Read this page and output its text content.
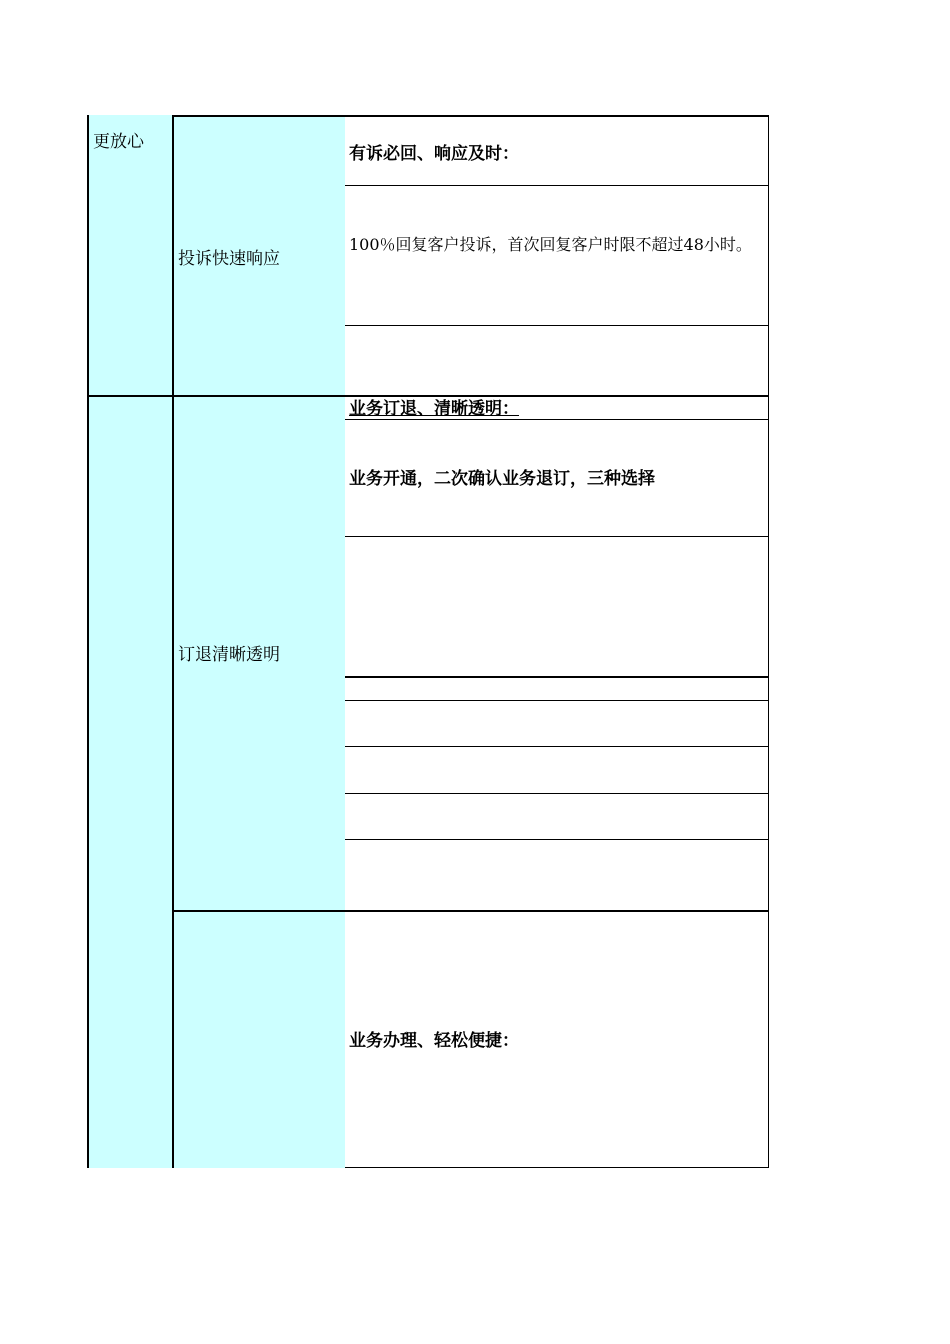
更放心
投诉快速响应
订退清晰透明
有诉必回、响应及时：
100％回复客户投诉，首次回复客户时限不超过48小时。
业务订退、清晰透明：
业务开通，二次确认业务退订，三种选择
业务办理、轻松便捷：
